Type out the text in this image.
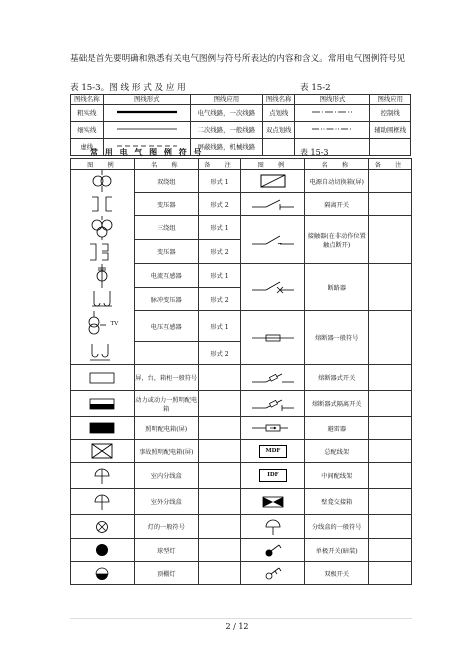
基础是首先要明确和熟悉有关电气图例与符号所表达的内容和含义。常用电气图例符号见
表 15-3。图 线 形 式 及 应 用	表 15-2
图线名称	图线形式	图线应用	图线名称	图线形式	图线应用
粗实线		电气线路，一次线路	点划线		控制线
细实线		二次线路，一般线路	双点划线		辅助围框线
虚线		屏蔽线路，机械线路			
常 用 电 气 图 例 符 号	表 15-3
图　例	名　称	备　注	图　例	名　称	备　注

	双绕组	形式 1		电源自动切换箱(屏)	

	变压器	形式 2		隔离开关	

	三绕组	形式 1		接触器(在非动作位置触点断开)	

	变压器	形式 2			

	电流互感器	形式 1		断路器	

	脉冲变压器	形式 2			

TV	电压互感器	形式 1		熔断器一般符号	

		形式 2			

	屏，台，箱柜一般符号			熔断器式开关	

	动力或动力一照明配电箱			熔断器式隔离开关	

	照明配电箱(屏)			避雷器	

	事故照明配电箱(屏)		MDF	总配线架	

	室内分线盒		IDF	中间配线架	

	室外分线盒			壁龛交接箱	

	灯的一般符号			分线盒的一般符号	

	球型灯			单极开关(暗装)	

	顶棚灯			双极开关	
2 / 12
